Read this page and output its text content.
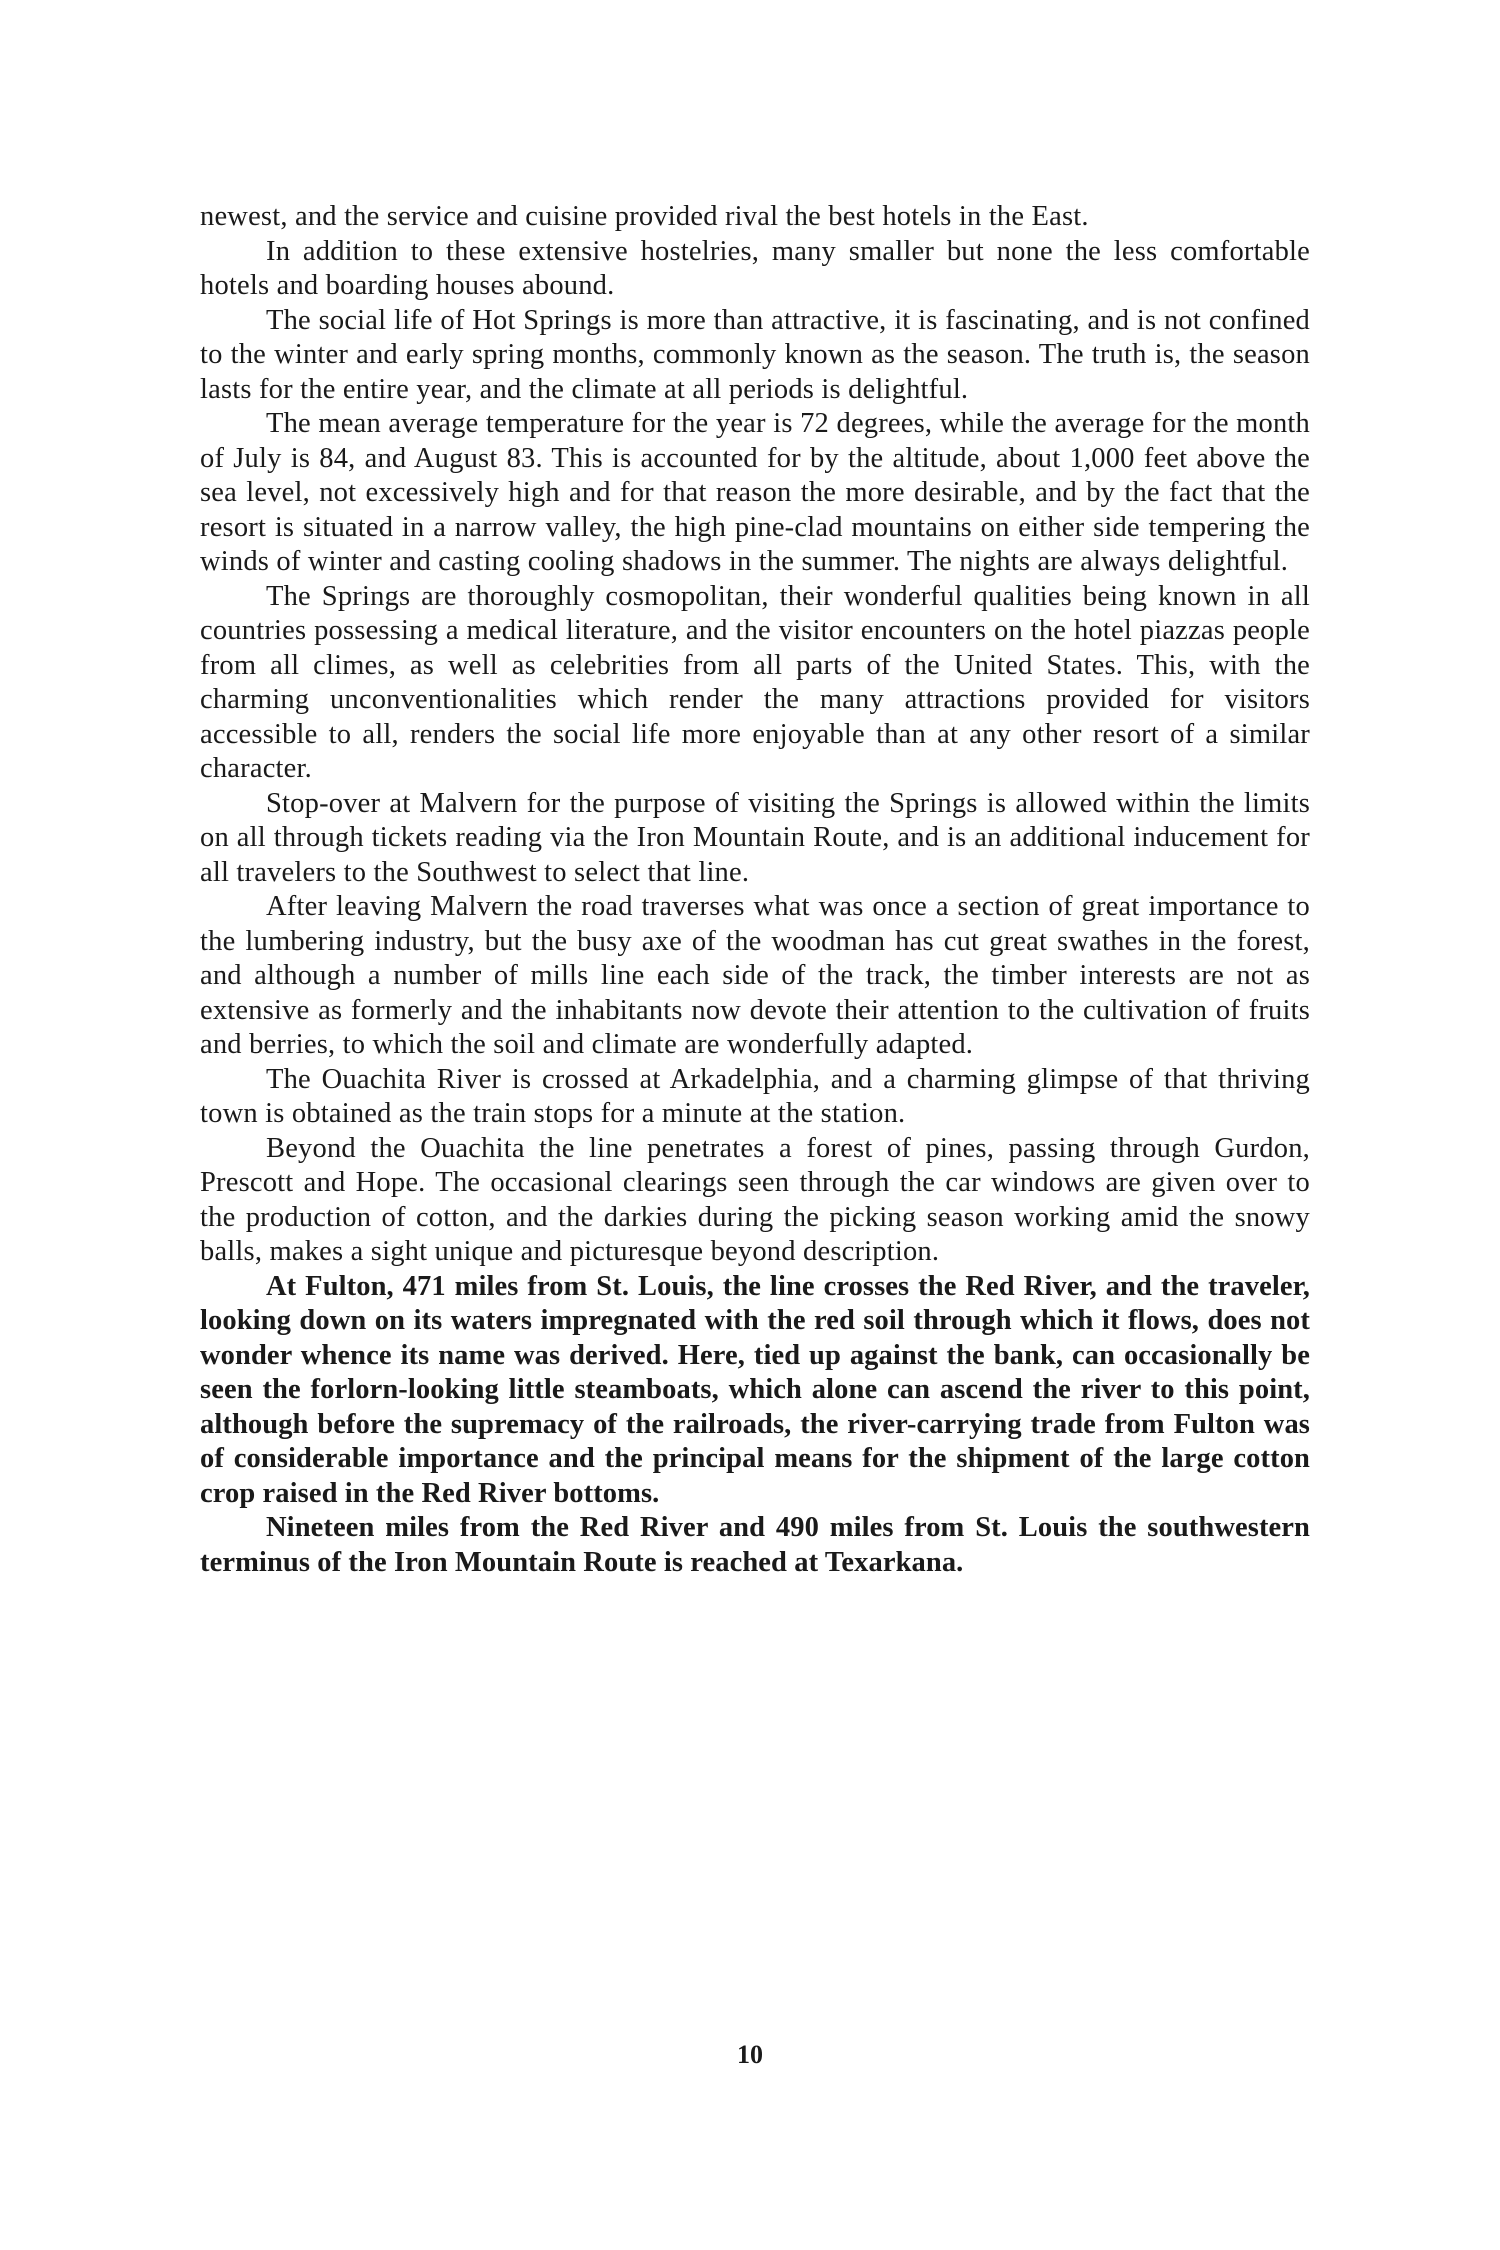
newest, and the service and cuisine provided rival the best hotels in the East.

In addition to these extensive hostelries, many smaller but none the less comfortable hotels and boarding houses abound.

The social life of Hot Springs is more than attractive, it is fascinating, and is not confined to the winter and early spring months, commonly known as the season. The truth is, the season lasts for the entire year, and the climate at all periods is delightful.

The mean average temperature for the year is 72 degrees, while the average for the month of July is 84, and August 83. This is accounted for by the altitude, about 1,000 feet above the sea level, not excessively high and for that reason the more desirable, and by the fact that the resort is situated in a narrow valley, the high pine-clad mountains on either side tempering the winds of winter and casting cooling shadows in the summer. The nights are always delightful.

The Springs are thoroughly cosmopolitan, their wonderful qualities being known in all countries possessing a medical literature, and the visitor encounters on the hotel piazzas people from all climes, as well as celebrities from all parts of the United States. This, with the charming unconventionalities which render the many attractions provided for visitors accessible to all, renders the social life more enjoyable than at any other resort of a similar character.

Stop-over at Malvern for the purpose of visiting the Springs is allowed within the limits on all through tickets reading via the Iron Mountain Route, and is an additional inducement for all travelers to the Southwest to select that line.

After leaving Malvern the road traverses what was once a section of great importance to the lumbering industry, but the busy axe of the woodman has cut great swathes in the forest, and although a number of mills line each side of the track, the timber interests are not as extensive as formerly and the inhabitants now devote their attention to the cultivation of fruits and berries, to which the soil and climate are wonderfully adapted.

The Ouachita River is crossed at Arkadelphia, and a charming glimpse of that thriving town is obtained as the train stops for a minute at the station.

Beyond the Ouachita the line penetrates a forest of pines, passing through Gurdon, Prescott and Hope. The occasional clearings seen through the car windows are given over to the production of cotton, and the darkies during the picking season working amid the snowy balls, makes a sight unique and picturesque beyond description.

At Fulton, 471 miles from St. Louis, the line crosses the Red River, and the traveler, looking down on its waters impregnated with the red soil through which it flows, does not wonder whence its name was derived. Here, tied up against the bank, can occasionally be seen the forlorn-looking little steamboats, which alone can ascend the river to this point, although before the supremacy of the railroads, the river-carrying trade from Fulton was of considerable importance and the principal means for the shipment of the large cotton crop raised in the Red River bottoms.

Nineteen miles from the Red River and 490 miles from St. Louis the southwestern terminus of the Iron Mountain Route is reached at Texarkana.

10
